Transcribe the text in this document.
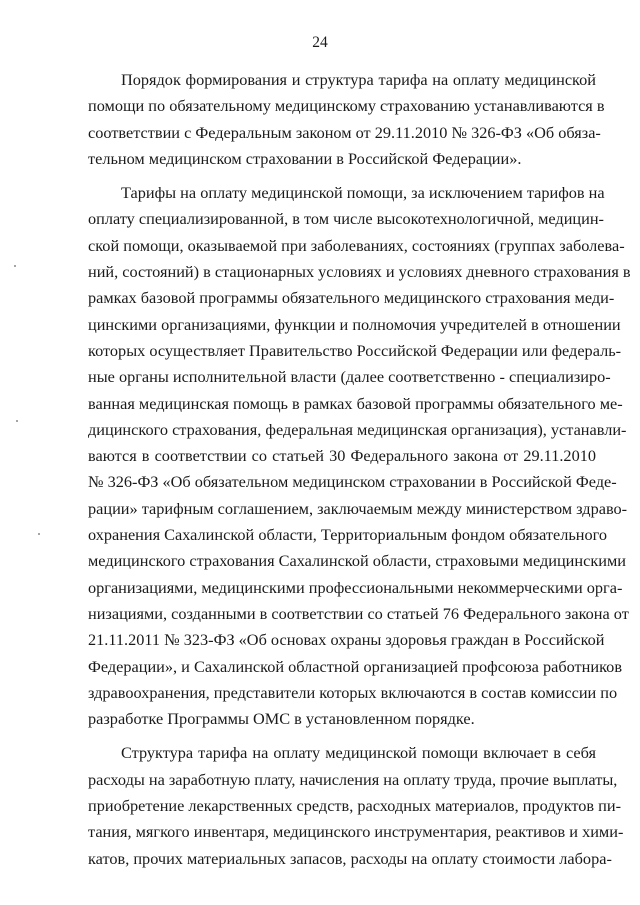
24
Порядок формирования и структура тарифа на оплату медицинской
помощи по обязательному медицинскому страхованию устанавливаются в
соответствии с Федеральным законом от 29.11.2010 № 326-ФЗ «Об обяза-
тельном медицинском страховании в Российской Федерации».
Тарифы на оплату медицинской помощи, за исключением тарифов на
оплату специализированной, в том числе высокотехнологичной, медицин-
ской помощи, оказываемой при заболеваниях, состояниях (группах заболева-
ний, состояний) в стационарных условиях и условиях дневного страхования в
рамках базовой программы обязательного медицинского страхования меди-
цинскими организациями, функции и полномочия учредителей в отношении
которых осуществляет Правительство Российской Федерации или федераль-
ные органы исполнительной власти (далее соответственно - специализиро-
ванная медицинская помощь в рамках базовой программы обязательного ме-
дицинского страхования, федеральная медицинская организация), устанавли-
ваются в соответствии со статьей 30 Федерального закона от 29.11.2010
№ 326-ФЗ «Об обязательном медицинском страховании в Российской Феде-
рации» тарифным соглашением, заключаемым между министерством здраво-
охранения Сахалинской области, Территориальным фондом обязательного
медицинского страхования Сахалинской области, страховыми медицинскими
организациями, медицинскими профессиональными некоммерческими орга-
низациями, созданными в соответствии со статьей 76 Федерального закона от
21.11.2011 № 323-ФЗ «Об основах охраны здоровья граждан в Российской
Федерации», и Сахалинской областной организацией профсоюза работников
здравоохранения, представители которых включаются в состав комиссии по
разработке Программы ОМС в установленном порядке.
Структура тарифа на оплату медицинской помощи включает в себя
расходы на заработную плату, начисления на оплату труда, прочие выплаты,
приобретение лекарственных средств, расходных материалов, продуктов пи-
тания, мягкого инвентаря, медицинского инструментария, реактивов и хими-
катов, прочих материальных запасов, расходы на оплату стоимости лабора-
